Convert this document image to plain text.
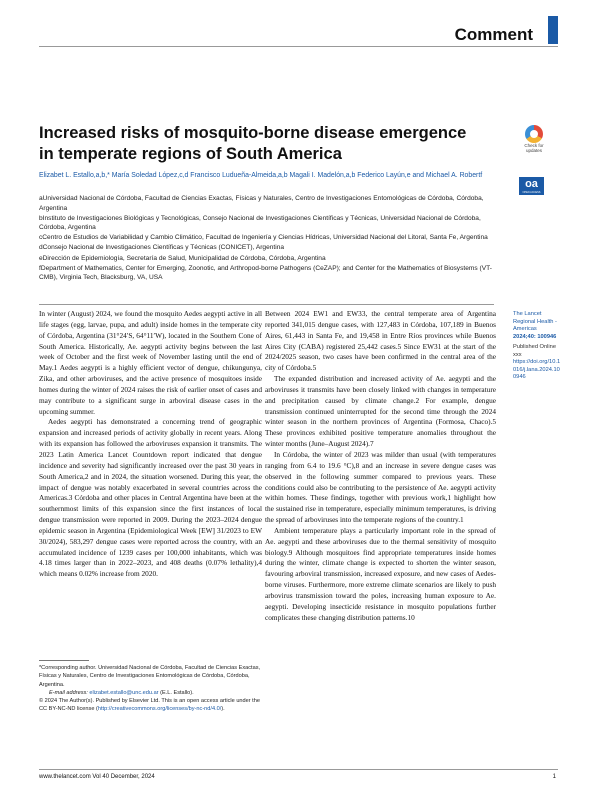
Comment
Increased risks of mosquito-borne disease emergence in temperate regions of South America	Check for
updates
Elizabet L. Estallo,a,b,* María Soledad López,c,d Francisco Ludueña-Almeida,a,b Magali I. Madelón,a,b Federico Layún,e and Michael A. Robertf
oa
OPEN ACCESS
aUniversidad Nacional de Córdoba, Facultad de Ciencias Exactas, Físicas y Naturales, Centro de Investigaciones Entomológicas de Córdoba, Córdoba, Argentina
bInstituto de Investigaciones Biológicas y Tecnológicas, Consejo Nacional de Investigaciones Científicas y Técnicas, Universidad Nacional de Córdoba, Córdoba, Argentina
cCentro de Estudios de Variabilidad y Cambio Climático, Facultad de Ingeniería y Ciencias Hídricas, Universidad Nacional del Litoral, Santa Fe, Argentina
dConsejo Nacional de Investigaciones Científicas y Técnicas (CONICET), Argentina
eDirección de Epidemiología, Secretaría de Salud, Municipalidad de Córdoba, Córdoba, Argentina
fDepartment of Mathematics, Center for Emerging, Zoonotic, and Arthropod-borne Pathogens (CeZAP); and Center for the Mathematics of Biosystems (VT-CMB), Virginia Tech, Blacksburg, VA, USA

In winter (August) 2024, we found the mosquito Aedes aegypti active in all life stages (egg, larvae, pupa, and adult) inside homes in the temperate city of Córdoba, Argentina (31°24′S, 64°11′W), located in the Southern Cone of South America. Historically, Ae. aegypti activity begins between the last week of October and the first week of November lasting until the end of May.1 Aedes aegypti is a highly efficient vector of dengue, chikungunya, Zika, and other arboviruses, and the active presence of mosquitoes inside homes during the winter of 2024 raises the risk of earlier onset of cases and may contribute to a significant surge in arboviral disease cases in the upcoming summer.

Aedes aegypti has demonstrated a concerning trend of geographic expansion and increased periods of activity globally in recent years. Along with its expansion has followed the arboviruses expansion it transmits. The 2023 Latin America Lancet Countdown report indicated that dengue incidence and severity had significantly increased over the past 30 years in South America,2 and in 2024, the situation worsened. During this year, the impact of dengue was notably exacerbated in several countries across the Americas.3 Córdoba and other places in Central Argentina have been at the southernmost limits of this expansion since the first instances of local dengue transmission were reported in 2009. During the 2023–2024 dengue epidemic season in Argentina (Epidemiological Week [EW] 31/2023 to EW 30/2024), 583,297 dengue cases were reported across the country, with an accumulated incidence of 1239 cases per 100,000 inhabitants, which was 4.18 times larger than in 2022–2023, and 408 deaths (0.07% lethality),4 which means 0.02% increase from 2020.

Between 2024 EW1 and EW33, the central temperate area of Argentina reported 341,015 dengue cases, with 127,483 in Córdoba, 107,189 in Buenos Aires, 61,443 in Santa Fe, and 19,458 in Entre Ríos provinces while Buenos Aires City (CABA) registered 25,442 cases.5 Since EW31 at the start of the 2024/2025 season, two cases have been confirmed in the central area of the city of Córdoba.5

The expanded distribution and increased activity of Ae. aegypti and the arboviruses it transmits have been closely linked with changes in temperature and precipitation caused by climate change.2 For example, dengue transmission continued uninterrupted for the second time through the 2024 winter season in the northern provinces of Argentina (Formosa, Chaco).5 These provinces exhibited positive temperature anomalies throughout the winter months (June–August 2024).7

In Córdoba, the winter of 2023 was milder than usual (with temperatures ranging from 6.4 to 19.6 °C),8 and an increase in severe dengue cases was observed in the following summer compared to previous years. These conditions could also be contributing to the persistence of Ae. aegypti activity within homes. These findings, together with previous work,1 highlight how the sustained rise in temperature, especially minimum temperatures, is driving the spread of arboviruses into the temperate regions of the country.1

Ambient temperature plays a particularly important role in the spread of Ae. aegypti and these arboviruses due to the thermal sensitivity of mosquito biology.9 Although mosquitoes find appropriate temperatures inside homes during the winter, climate change is expected to shorten the winter season, favouring arboviral transmission, increased exposure, and new cases of Aedes-borne viruses. Furthermore, more extreme climate scenarios are likely to push arbovirus transmission toward the poles, increasing human exposure to Ae. aegypti. Developing insecticide resistance in mosquito populations further complicates these changing distribution patterns.10

The Lancet Regional Health - Americas
2024;40: 100946
Published Online xxx
https://doi.org/10.1016/j.lana.2024.100946
*Corresponding author. Universidad Nacional de Córdoba, Facultad de Ciencias Exactas, Físicas y Naturales, Centro de Investigaciones Entomológicas de Córdoba, Córdoba, Argentina.
E-mail address: elizabet.estallo@unc.edu.ar (E.L. Estallo).
© 2024 The Author(s). Published by Elsevier Ltd. This is an open access article under the CC BY-NC-ND license (http://creativecommons.org/licenses/by-nc-nd/4.0/).
www.thelancet.com Vol 40 December, 2024	1
